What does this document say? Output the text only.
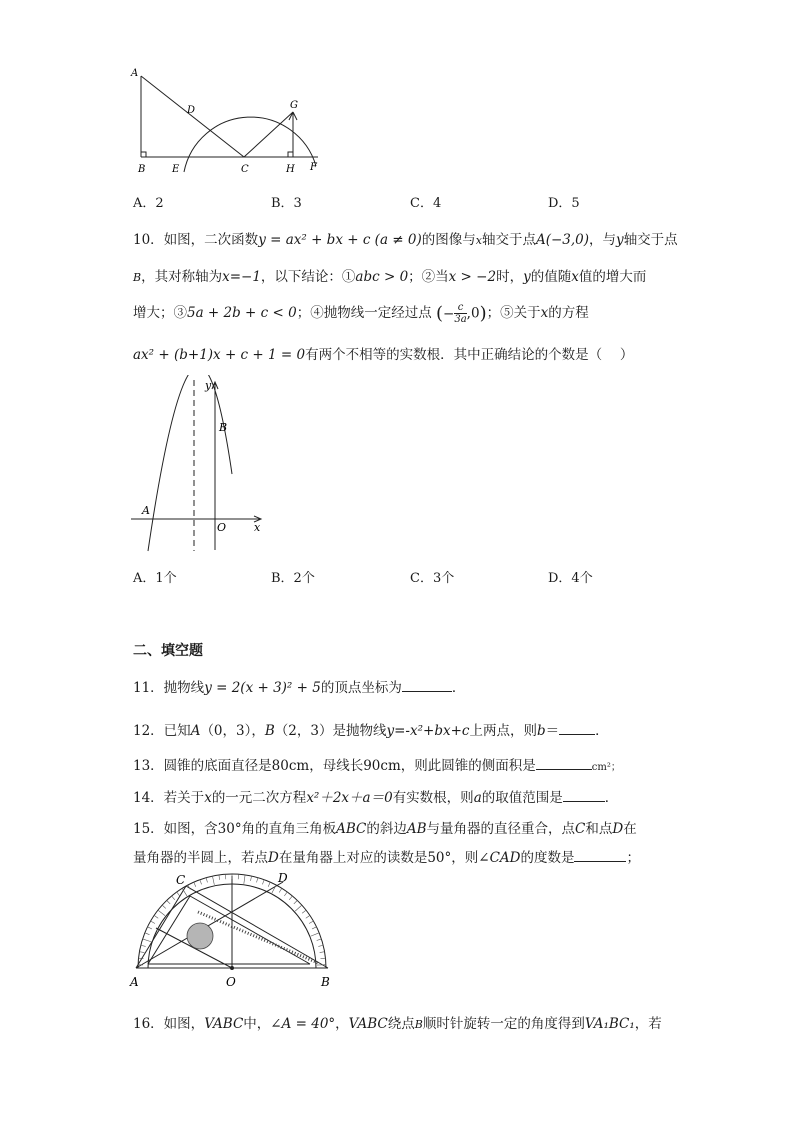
A
B	C
D
E	F
G
H
A．2	B．3	C．4	D．5
10．如图，二次函数y = ax² + bx + c (a ≠ 0)的图像与x轴交于点A(−3,0)，与y轴交于点
B，其对称轴为x=−1，以下结论：①abc > 0；②当x > −2时，y的值随x值的增大而
增大；③5a + 2b + c < 0；④抛物线一定经过点 (− $\frac{c}{3a} ,0$)；⑤关于x的方程
ax² + (b+1)x + c + 1 = 0有两个不相等的实数根．其中正确结论的个数是（　 ）
y
B
A
O	x
A．1个	B．2个	C．3个	D．4个
二、填空题
11．抛物线y = 2(x + 3)² + 5的顶点坐标为	．
12．已知A（0，3），B（2，3）是抛物线y=-x²+bx+c上两点，则b＝	．
13．圆锥的底面直径是80cm，母线长90cm，则此圆锥的侧面积是	cm²；
14．若关于x的一元二次方程x²＋2x＋a＝0有实数根，则a的取值范围是	．
15．如图，含30°角的直角三角板ABC的斜边AB与量角器的直径重合，点C和点D在
量角器的半圆上，若点D在量角器上对应的读数是50°，则∠CAD的度数是	；
C	D
A	O	B
16．如图，VABC中，∠A = 40°，VABC绕点B顺时针旋转一定的角度得到VA₁BC₁，若
